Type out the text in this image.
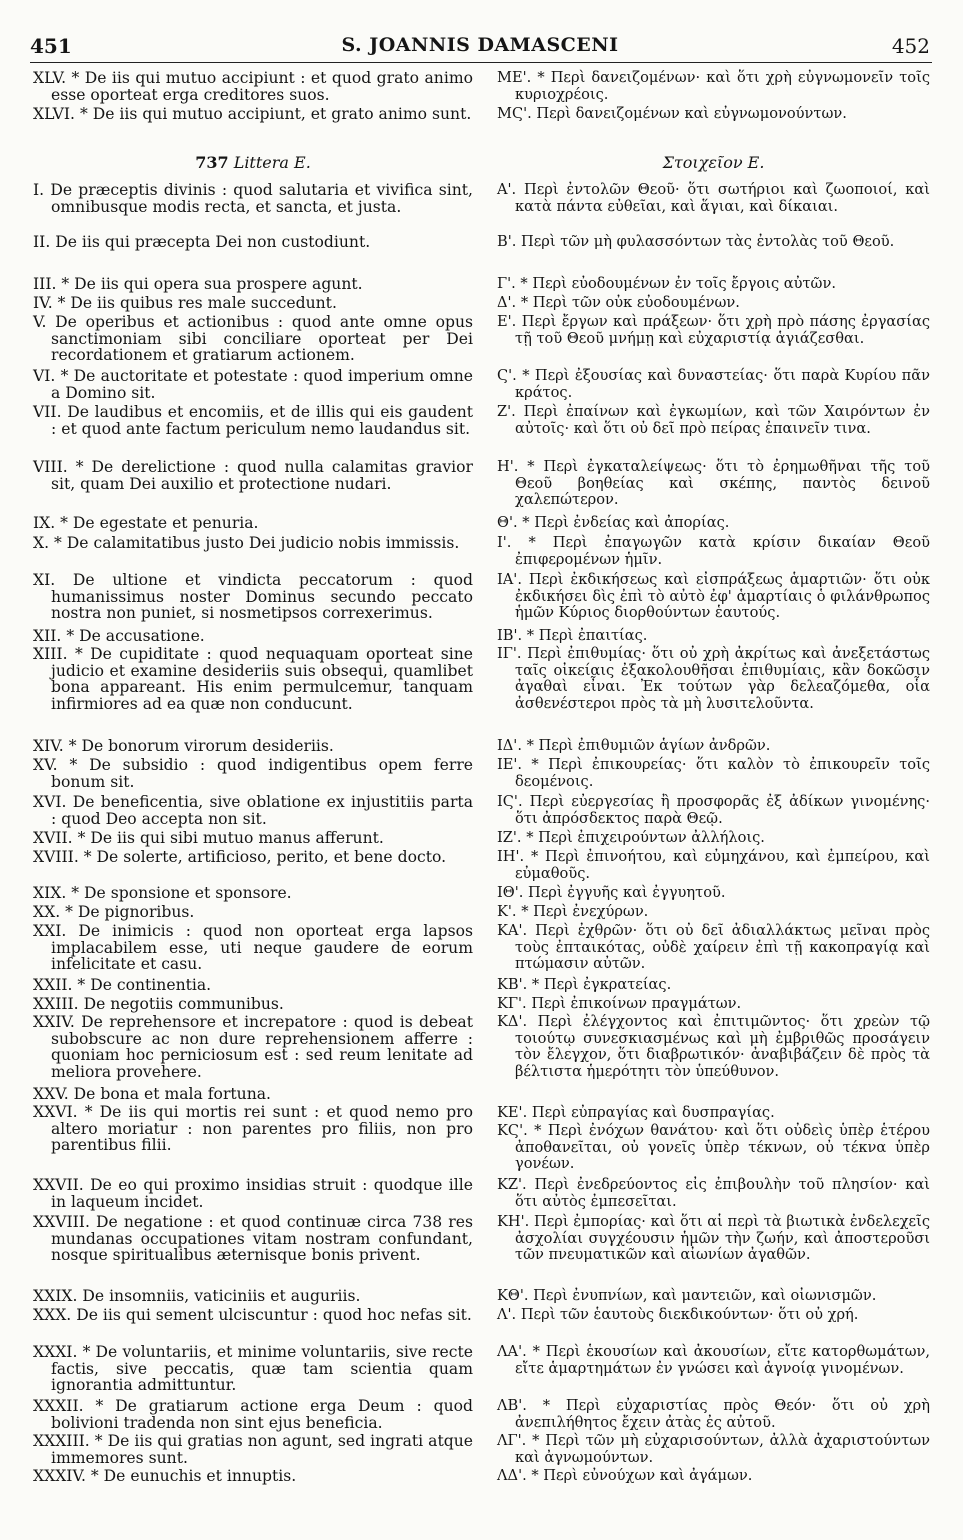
451	S. JOANNIS DAMASCENI	452
XLV. * De iis qui mutuo accipiunt : et quod grato animo esse oporteat erga creditores suos.
XLVI. * De iis qui mutuo accipiunt, et grato animo sunt.
737 Littera E.
I. De præceptis divinis : quod salutaria et vivifica sint, omnibusque modis recta, et sancta, et justa.
II. De iis qui præcepta Dei non custodiunt.
III. * De iis qui opera sua prospere agunt.
IV. * De iis quibus res male succedunt.
V. De operibus et actionibus : quod ante omne opus sanctimoniam sibi conciliare oporteat per Dei recordationem et gratiarum actionem.
VI. * De auctoritate et potestate : quod imperium omne a Domino sit.
VII. De laudibus et encomiis, et de illis qui eis gaudent : et quod ante factum periculum nemo laudandus sit.
VIII. * De derelictione : quod nulla calamitas gravior sit, quam Dei auxilio et protectione nudari.
IX. * De egestate et penuria.
X. * De calamitatibus justo Dei judicio nobis immissis.
XI. De ultione et vindicta peccatorum : quod humanissimus noster Dominus secundo peccato nostra non puniet, si nosmetipsos correxerimus.
XII. * De accusatione.
XIII. * De cupiditate : quod nequaquam oporteat sine judicio et examine desideriis suis obsequi, quamlibet bona appareant. His enim permulcemur, tanquam infirmiores ad ea quæ non conducunt.
XIV. * De bonorum virorum desideriis.
XV. * De subsidio : quod indigentibus opem ferre bonum sit.
XVI. De beneficentia, sive oblatione ex injustitiis parta : quod Deo accepta non sit.
XVII. * De iis qui sibi mutuo manus afferunt.
XVIII. * De solerte, artificioso, perito, et bene docto.
XIX. * De sponsione et sponsore.
XX. * De pignoribus.
XXI. De inimicis : quod non oporteat erga lapsos implacabilem esse, uti neque gaudere de eorum infelicitate et casu.
XXII. * De continentia.
XXIII. De negotiis communibus.
XXIV. De reprehensore et increpatore : quod is debeat subobscure ac non dure reprehensionem afferre : quoniam hoc perniciosum est : sed reum lenitate ad meliora provehere.
XXV. De bona et mala fortuna.
XXVI. * De iis qui mortis rei sunt : et quod nemo pro altero moriatur : non parentes pro filiis, non pro parentibus filii.
XXVII. De eo qui proximo insidias struit : quodque ille in laqueum incidet.
XXVIII. De negatione : et quod continuæ circa 738 res mundanas occupationes vitam nostram confundant, nosque spiritualibus æternisque bonis privent.
XXIX. De insomniis, vaticiniis et auguriis.
XXX. De iis qui sement ulciscuntur : quod hoc nefas sit.
XXXI. * De voluntariis, et minime voluntariis, sive recte factis, sive peccatis, quæ tam scientia quam ignorantia admittuntur.
XXXII. * De gratiarum actione erga Deum : quod bolivioni tradenda non sint ejus beneficia.
XXXIII. * De iis qui gratias non agunt, sed ingrati atque immemores sunt.
XXXIV. * De eunuchis et innuptis.
ΜΕ'. * Περὶ δανειζομένων· καὶ ὅτι χρὴ εὐγνωμονεῖν τοῖς κυριοχρέοις.
ΜϚ'. Περὶ δανειζομένων καὶ εὐγνωμονούντων.
Στοιχεῖον Ε.
Α'. Περὶ ἐντολῶν Θεοῦ· ὅτι σωτήριοι καὶ ζωοποιοί, καὶ κατὰ πάντα εὐθεῖαι, καὶ ἅγιαι, καὶ δίκαιαι.
Β'. Περὶ τῶν μὴ φυλασσόντων τὰς ἐντολὰς τοῦ Θεοῦ.
Γ'. * Περὶ εὐοδουμένων ἐν τοῖς ἔργοις αὐτῶν.
Δ'. * Περὶ τῶν οὐκ εὐοδουμένων.
Ε'. Περὶ ἔργων καὶ πράξεων· ὅτι χρὴ πρὸ πάσης ἐργασίας τῇ τοῦ Θεοῦ μνήμῃ καὶ εὐχαριστίᾳ ἁγιάζεσθαι.
Ϛ'. * Περὶ ἐξουσίας καὶ δυναστείας· ὅτι παρὰ Κυρίου πᾶν κράτος.
Ζ'. Περὶ ἐπαίνων καὶ ἐγκωμίων, καὶ τῶν Χαιρόντων ἐν αὐτοῖς· καὶ ὅτι οὐ δεῖ πρὸ πείρας ἐπαινεῖν τινα.
Η'. * Περὶ ἐγκαταλείψεως· ὅτι τὸ ἐρημωθῆναι τῆς τοῦ Θεοῦ βοηθείας καὶ σκέπης, παντὸς δεινοῦ χαλεπώτερον.
Θ'. * Περὶ ἐνδείας καὶ ἀπορίας.
Ι'. * Περὶ ἐπαγωγῶν κατὰ κρίσιν δικαίαν Θεοῦ ἐπιφερομένων ἡμῖν.
ΙΑ'. Περὶ ἐκδικήσεως καὶ εἰσπράξεως ἁμαρτιῶν· ὅτι οὐκ ἐκδικήσει δὶς ἐπὶ τὸ αὐτὸ ἐφ' ἁμαρτίαις ὁ φιλάνθρωπος ἡμῶν Κύριος διορθούντων ἑαυτούς.
ΙΒ'. * Περὶ ἐπαιτίας.
ΙΓ'. Περὶ ἐπιθυμίας· ὅτι οὐ χρὴ ἀκρίτως καὶ ἀνεξετάστως ταῖς οἰκείαις ἐξακολουθῆσαι ἐπιθυμίαις, κἂν δοκῶσιν ἀγαθαὶ εἶναι. Ἐκ τούτων γὰρ δελεαζόμεθα, οἷα ἀσθενέστεροι πρὸς τὰ μὴ λυσιτελοῦντα.
ΙΔ'. * Περὶ ἐπιθυμιῶν ἁγίων ἀνδρῶν.
ΙΕ'. * Περὶ ἐπικουρείας· ὅτι καλὸν τὸ ἐπικουρεῖν τοῖς δεομένοις.
ΙϚ'. Περὶ εὐεργεσίας ἢ προσφορᾶς ἐξ ἀδίκων γινομένης· ὅτι ἀπρόσδεκτος παρὰ Θεῷ.
ΙΖ'. * Περὶ ἐπιχειρούντων ἀλλήλοις.
ΙΗ'. * Περὶ ἐπινοήτου, καὶ εὐμηχάνου, καὶ ἐμπείρου, καὶ εὐμαθοῦς.
ΙΘ'. Περὶ ἐγγυῆς καὶ ἐγγυητοῦ.
Κ'. * Περὶ ἐνεχύρων.
ΚΑ'. Περὶ ἐχθρῶν· ὅτι οὐ δεῖ ἀδιαλλάκτως μεῖναι πρὸς τοὺς ἐπταικότας, οὐδὲ χαίρειν ἐπὶ τῇ κακοπραγίᾳ καὶ πτώμασιν αὐτῶν.
ΚΒ'. * Περὶ ἐγκρατείας.
ΚΓ'. Περὶ ἐπικοίνων πραγμάτων.
ΚΔ'. Περὶ ἐλέγχοντος καὶ ἐπιτιμῶντος· ὅτι χρεὼν τῷ τοιούτῳ συνεσκιασμένως καὶ μὴ ἐμβριθῶς προσάγειν τὸν ἔλεγχον, ὅτι διαβρωτικόν· ἀναβιβάζειν δὲ πρὸς τὰ βέλτιστα ἡμερότητι τὸν ὑπεύθυνον.
ΚΕ'. Περὶ εὐπραγίας καὶ δυσπραγίας.
ΚϚ'. * Περὶ ἐνόχων θανάτου· καὶ ὅτι οὐδεὶς ὑπὲρ ἑτέρου ἀποθανεῖται, οὐ γονεῖς ὑπὲρ τέκνων, οὐ τέκνα ὑπὲρ γονέων.
ΚΖ'. Περὶ ἐνεδρεύοντος εἰς ἐπιβουλὴν τοῦ πλησίον· καὶ ὅτι αὐτὸς ἐμπεσεῖται.
ΚΗ'. Περὶ ἐμπορίας· καὶ ὅτι αἱ περὶ τὰ βιωτικὰ ἐνδελεχεῖς ἀσχολίαι συγχέουσιν ἡμῶν τὴν ζωήν, καὶ ἀποστεροῦσι τῶν πνευματικῶν καὶ αἰωνίων ἀγαθῶν.
ΚΘ'. Περὶ ἐνυπνίων, καὶ μαντειῶν, καὶ οἰωνισμῶν.
Λ'. Περὶ τῶν ἑαυτοὺς διεκδικούντων· ὅτι οὐ χρή.
ΛΑ'. * Περὶ ἑκουσίων καὶ ἀκουσίων, εἴτε κατορθωμάτων, εἴτε ἁμαρτημάτων ἐν γνώσει καὶ ἀγνοίᾳ γινομένων.
ΛΒ'. * Περὶ εὐχαριστίας πρὸς Θεόν· ὅτι οὐ χρὴ ἀνεπιλήθητος ἔχειν ἀτὰς ἐς αὐτοῦ.
ΛΓ'. * Περὶ τῶν μὴ εὐχαρισούντων, ἀλλὰ ἀχαριστούντων καὶ ἀγνωμούντων.
ΛΔ'. * Περὶ εὐνούχων καὶ ἀγάμων.
